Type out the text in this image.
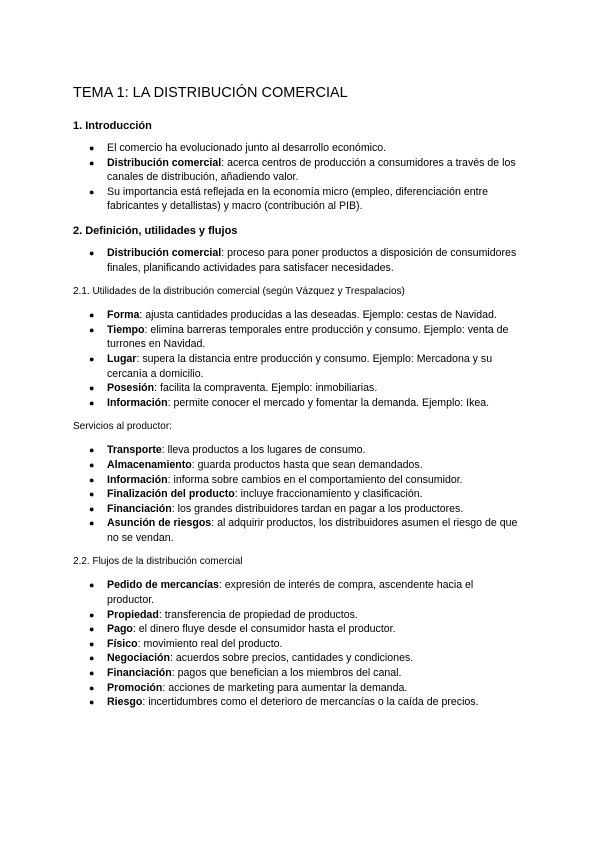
TEMA 1: LA DISTRIBUCIÓN COMERCIAL
1. Introducción
● El comercio ha evolucionado junto al desarrollo económico.
● Distribución comercial: acerca centros de producción a consumidores a través de los canales de distribución, añadiendo valor.
● Su importancia está reflejada en la economía micro (empleo, diferenciación entre fabricantes y detallistas) y macro (contribución al PIB).
2. Definición, utilidades y flujos
● Distribución comercial: proceso para poner productos a disposición de consumidores finales, planificando actividades para satisfacer necesidades.
2.1. Utilidades de la distribución comercial (según Vázquez y Trespalacios)
● Forma: ajusta cantidades producidas a las deseadas. Ejemplo: cestas de Navidad.
● Tiempo: elimina barreras temporales entre producción y consumo. Ejemplo: venta de turrones en Navidad.
● Lugar: supera la distancia entre producción y consumo. Ejemplo: Mercadona y su cercanía a domicilio.
● Posesión: facilita la compraventa. Ejemplo: inmobiliarias.
● Información: permite conocer el mercado y fomentar la demanda. Ejemplo: Ikea.
Servicios al productor:
● Transporte: lleva productos a los lugares de consumo.
● Almacenamiento: guarda productos hasta que sean demandados.
● Información: informa sobre cambios en el comportamiento del consumidor.
● Finalización del producto: incluye fraccionamiento y clasificación.
● Financiación: los grandes distribuidores tardan en pagar a los productores.
● Asunción de riesgos: al adquirir productos, los distribuidores asumen el riesgo de que no se vendan.
2.2. Flujos de la distribución comercial
● Pedido de mercancías: expresión de interés de compra, ascendente hacia el productor.
● Propiedad: transferencia de propiedad de productos.
● Pago: el dinero fluye desde el consumidor hasta el productor.
● Físico: movimiento real del producto.
● Negociación: acuerdos sobre precios, cantidades y condiciones.
● Financiación: pagos que benefician a los miembros del canal.
● Promoción: acciones de marketing para aumentar la demanda.
● Riesgo: incertidumbres como el deterioro de mercancías o la caída de precios.
